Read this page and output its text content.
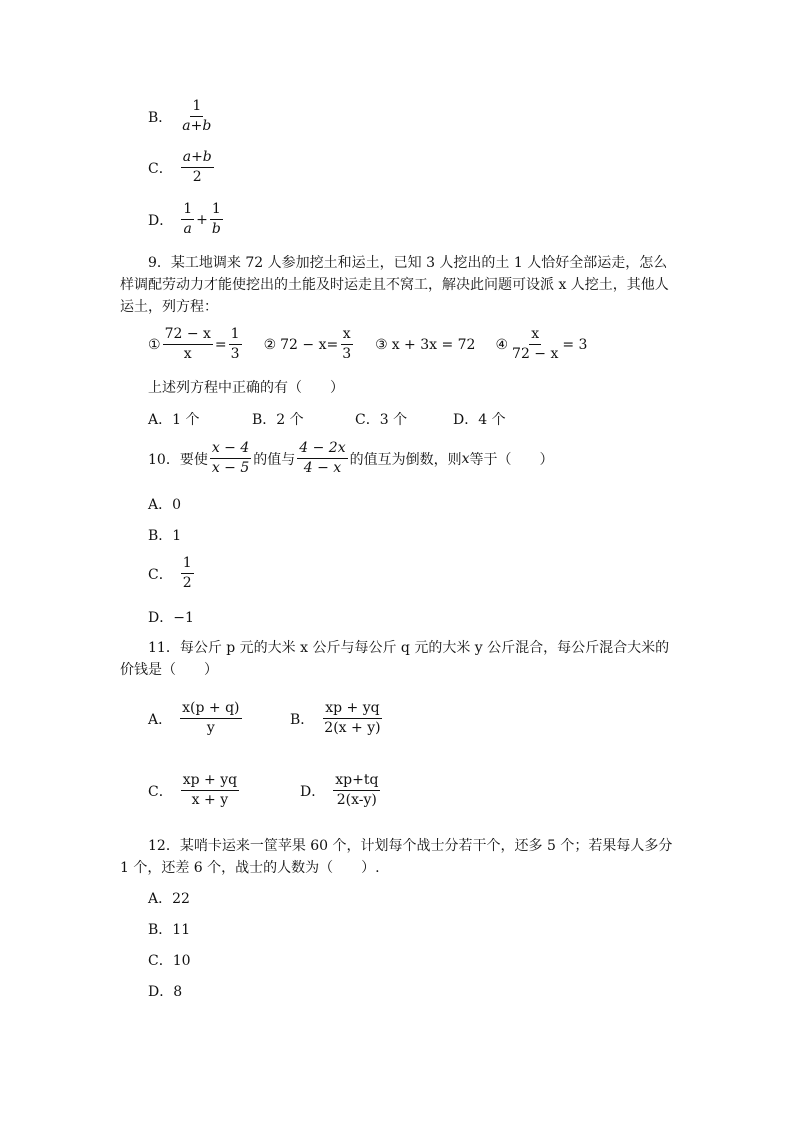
B． $\frac{1}{a+b}$
C． $\frac{a+b}{2}$
D． $\frac{1}{a} + \frac{1}{b}$
9．某工地调来 72 人参加挖土和运土，已知 3 人挖出的土 1 人恰好全部运走，怎么样调配劳动力才能使挖出的土能及时运走且不窝工，解决此问题可设派 x 人挖土，其他人运土，列方程：
① $\frac{72 - x}{x} = \frac{1}{3}$ ② $72 - x= \frac{x}{3}$ ③ x + 3x = 72 ④ $\frac{x}{72 - x} = 3$
上述列方程中正确的有（　　）
A．1 个	B．2 个	C．3 个	D．4 个
10．要使 $\frac{x - 4}{x - 5}$ 的值与 $\frac{4 - 2x}{4 - x}$ 的值互为倒数，则 x 等于（　　）
A．0
B．1
C． $\frac{1}{2}$
D．−1
11．每公斤 p 元的大米 x 公斤与每公斤 q 元的大米 y 公斤混合，每公斤混合大米的价钱是（　　）
A． $\frac{x(p + q)}{y}$	B． $\frac{xp + yq}{2(x + y)}$
C． $\frac{xp + yq}{x + y}$	D． $\frac{xp+tq}{2(x-y)}$
12．某哨卡运来一筐苹果 60 个，计划每个战士分若干个，还多 5 个；若果每人多分 1 个，还差 6 个，战士的人数为（　　）.
A．22
B．11
C．10
D．8
